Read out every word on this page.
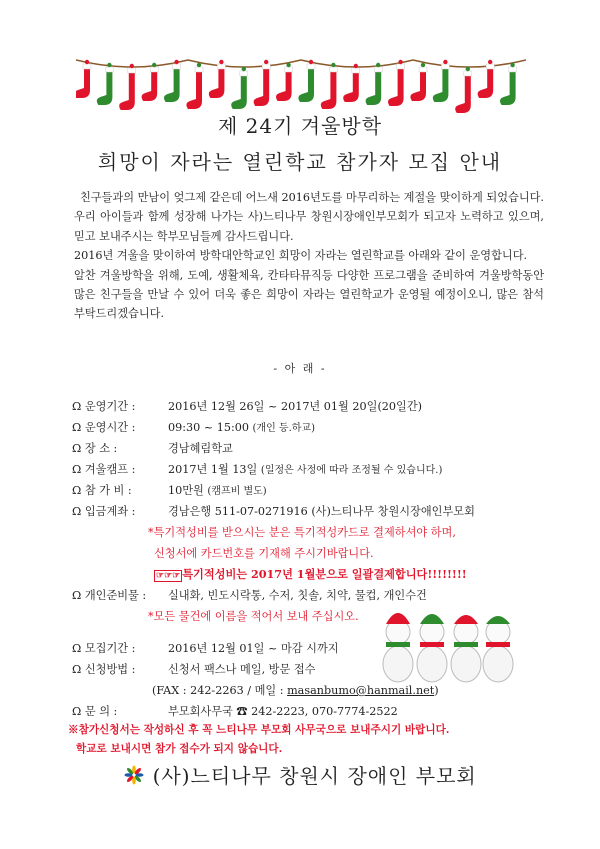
제 24기 겨울방학
희망이 자라는 열린학교 참가자 모집 안내

친구들과의 만남이 엊그제 같은데 어느새 2016년도를 마무리하는 계절을 맞이하게 되었습니다. 우리 아이들과 함께 성장해 나가는 사)느티나무 창원시장애인부모회가 되고자 노력하고 있으며, 믿고 보내주시는 학부모님들께 감사드립니다.

2016년 겨울을 맞이하여 방학대안학교인 희망이 자라는 열린학교를 아래와 같이 운영합니다.

알찬 겨울방학을 위해, 도예, 생활체육, 칸타타뮤직등 다양한 프로그램을 준비하여 겨울방학동안 많은 친구들을 만날 수 있어 더욱 좋은 희망이 자라는 열린학교가 운영될 예정이오니, 많은 참석 부탁드리겠습니다.

- 아 래 -
Ω 운영기간 :	2016년 12월 26일 ~ 2017년 01월 20일(20일간)
Ω 운영시간 :	09:30 ~ 15:00 (개인 등.하교)
Ω 장 소 :	경남혜림학교
Ω 겨울캠프 :	2017년 1월 13일 (일정은 사정에 따라 조정될 수 있습니다.)
Ω 참 가 비 :	10만원 (캠프비 별도)
Ω 입금계좌 :	경남은행 511-07-0271916 (사)느티나무 창원시장애인부모회
*특기적성비를 받으시는 분은 특기적성카드로 결제하셔야 하며,
신청서에 카드번호를 기재해 주시기바랍니다.
☞☞☞ 특기적성비는 2017년 1월분으로 일괄결제합니다!!!!!!!!
Ω 개인준비물 : 실내화, 빈도시락통, 수저, 칫솔, 치약, 물컵, 개인수건
*모든 물건에 이름을 적어서 보내 주십시오.
Ω 모집기간 :	2016년 12월 01일 ~ 마감 시까지
Ω 신청방법 :	신청서 팩스나 메일, 방문 접수
(FAX : 242-2263 / 메일 : masanbumo@hanmail.net)
Ω 문 의 :	부모회사무국 ☎ 242-2223, 070-7774-2522
※참가신청서는 작성하신 후 꼭 느티나무 부모회 사무국으로 보내주시기 바랍니다.
학교로 보내시면 참가 접수가 되지 않습니다.
(사)느티나무 창원시 장애인 부모회
